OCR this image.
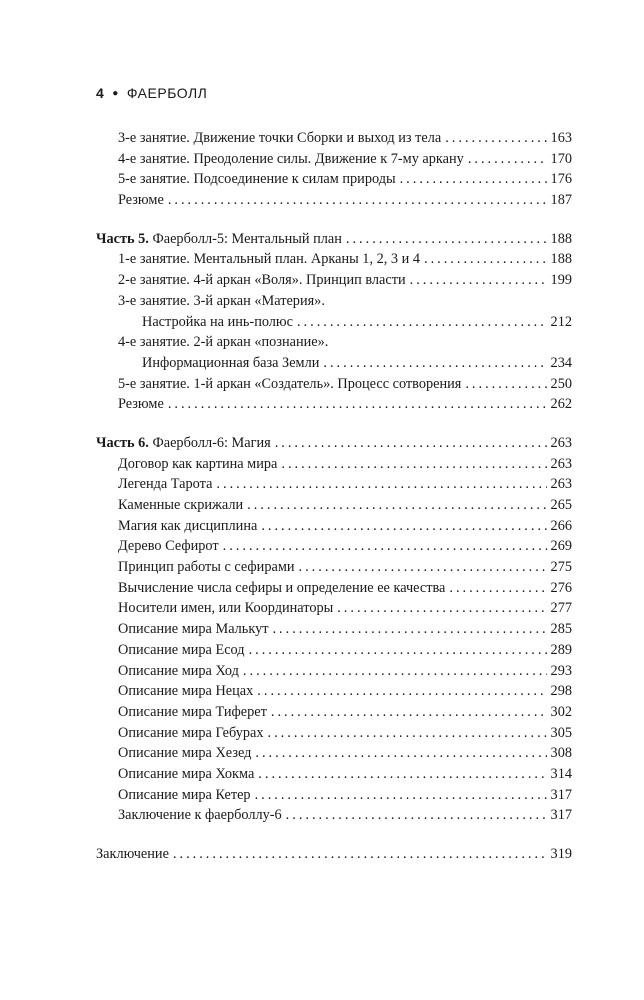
4 ● ФАЕРБОЛЛ
3-е занятие. Движение точки Сборки и выход из тела .....	163
4-е занятие. Преодоление силы. Движение к 7-му аркану .....	170
5-е занятие. Подсоединение к силам природы .....	176
Резюме .....	187
Часть 5. Фаерболл-5: Ментальный план .....	188
1-е занятие. Ментальный план. Арканы 1, 2, 3 и 4 .....	188
2-е занятие. 4-й аркан «Воля». Принцип власти .....	199
3-е занятие. 3-й аркан «Материя».
Настройка на инь-полюс .....	212
4-е занятие. 2-й аркан «познание».
Информационная база Земли .....	234
5-е занятие. 1-й аркан «Создатель». Процесс сотворения .....	250
Резюме .....	262
Часть 6. Фаерболл-6: Магия .....	263
Договор как картина мира .....	263
Легенда Тарота .....	263
Каменные скрижали .....	265
Магия как дисциплина .....	266
Дерево Сефирот .....	269
Принцип работы с сефирами .....	275
Вычисление числа сефиры и определение ее качества .....	276
Носители имен, или Координаторы .....	277
Описание мира Малькут .....	285
Описание мира Есод .....	289
Описание мира Ход .....	293
Описание мира Нецах .....	298
Описание мира Тиферет .....	302
Описание мира Гебурах .....	305
Описание мира Хезед .....	308
Описание мира Хокма .....	314
Описание мира Кетер .....	317
Заключение к фаерболлу-6 .....	317
Заключение .....	319
